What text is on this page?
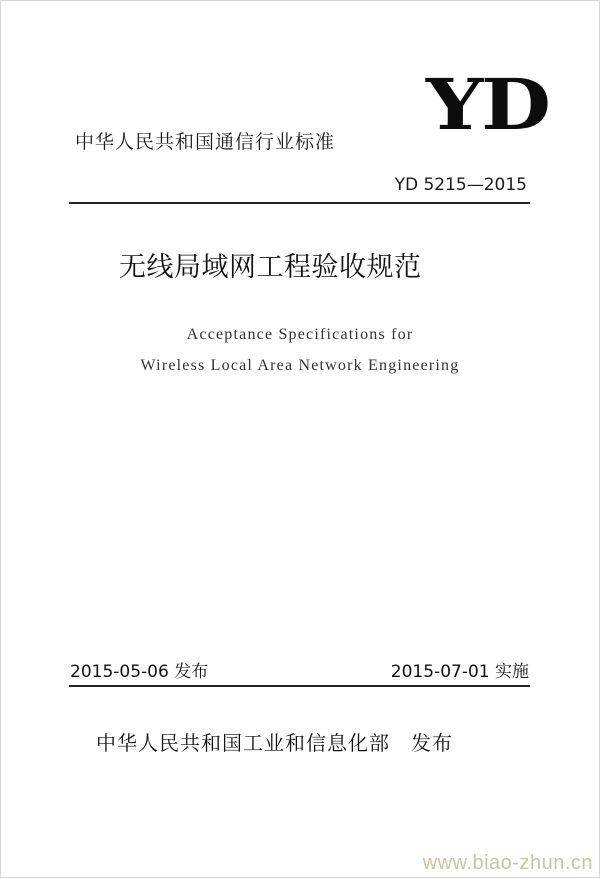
中华人民共和国通信行业标准 YD
YD 5215—2015
无线局域网工程验收规范
Acceptance Specifications for
Wireless Local Area Network Engineering
2015-05-06 发布	2015-07-01 实施
中华人民共和国工业和信息化部　发布
www.biao-zhun.cn
